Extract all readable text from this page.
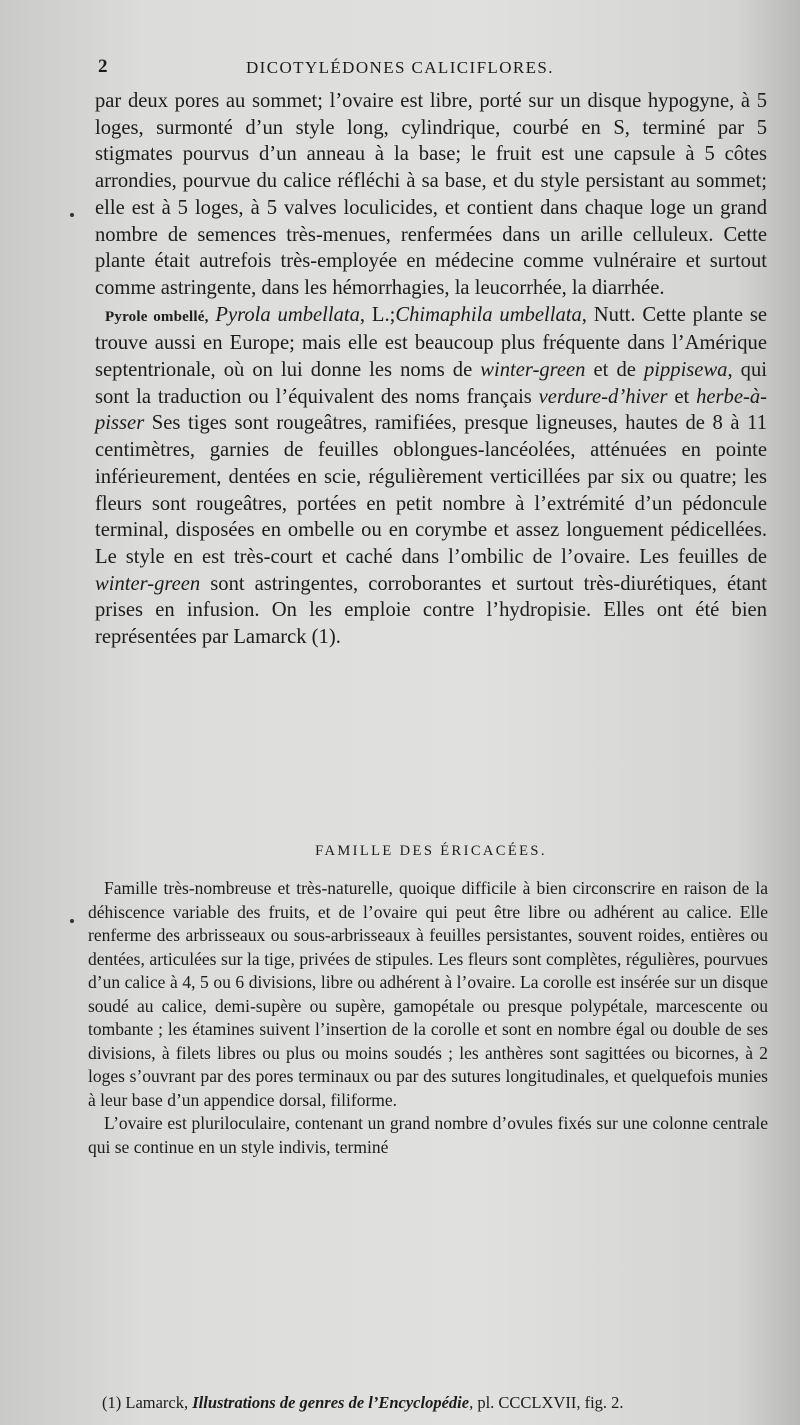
2	DICOTYLÉDONES CALICIFLORES.

par deux pores au sommet; l’ovaire est libre, porté sur un disque hypogyne, à 5 loges, surmonté d’un style long, cylindrique, courbé en S, terminé par 5 stigmates pourvus d’un anneau à la base; le fruit est une capsule à 5 côtes arrondies, pourvue du calice réfléchi à sa base, et du style persistant au sommet; elle est à 5 loges, à 5 valves loculicides, et contient dans chaque loge un grand nombre de semences très-menues, renfermées dans un arille celluleux. Cette plante était autrefois très-employée en médecine comme vulnéraire et surtout comme astringente, dans les hémorrhagies, la leucorrhée, la diarrhée.

Pyrole ombellé, Pyrola umbellata, L.;Chimaphila umbellata, Nutt. Cette plante se trouve aussi en Europe; mais elle est beaucoup plus fréquente dans l’Amérique septentrionale, où on lui donne les noms de winter-green et de pippisewa, qui sont la traduction ou l’équivalent des noms français verdure-d’hiver et herbe-à-pisser Ses tiges sont rougeâtres, ramifiées, presque ligneuses, hautes de 8 à 11 centimètres, garnies de feuilles oblongues-lancéolées, atténuées en pointe inférieurement, dentées en scie, régulièrement verticillées par six ou quatre; les fleurs sont rougeâtres, portées en petit nombre à l’extrémité d’un pédoncule terminal, disposées en ombelle ou en corymbe et assez longuement pédicellées. Le style en est très-court et caché dans l’ombilic de l’ovaire. Les feuilles de winter-green sont astringentes, corroborantes et surtout très-diurétiques, étant prises en infusion. On les emploie contre l’hydropisie. Elles ont été bien représentées par Lamarck (1).

FAMILLE DES ÉRICACÉES.

Famille très-nombreuse et très-naturelle, quoique difficile à bien circonscrire en raison de la déhiscence variable des fruits, et de l’ovaire qui peut être libre ou adhérent au calice. Elle renferme des arbrisseaux ou sous-arbrisseaux à feuilles persistantes, souvent roides, entières ou dentées, articulées sur la tige, privées de stipules. Les fleurs sont complètes, régulières, pourvues d’un calice à 4, 5 ou 6 divisions, libre ou adhérent à l’ovaire. La corolle est insérée sur un disque soudé au calice, demi-supère ou supère, gamopétale ou presque polypétale, marcescente ou tombante ; les étamines suivent l’insertion de la corolle et sont en nombre égal ou double de ses divisions, à filets libres ou plus ou moins soudés ; les anthères sont sagittées ou bicornes, à 2 loges s’ouvrant par des pores terminaux ou par des sutures longitudinales, et quelquefois munies à leur base d’un appendice dorsal, filiforme.

L’ovaire est pluriloculaire, contenant un grand nombre d’ovules fixés sur une colonne centrale qui se continue en un style indivis, terminé

(1) Lamarck, Illustrations de genres de l’Encyclopédie, pl. CCCLXVII, fig. 2.
